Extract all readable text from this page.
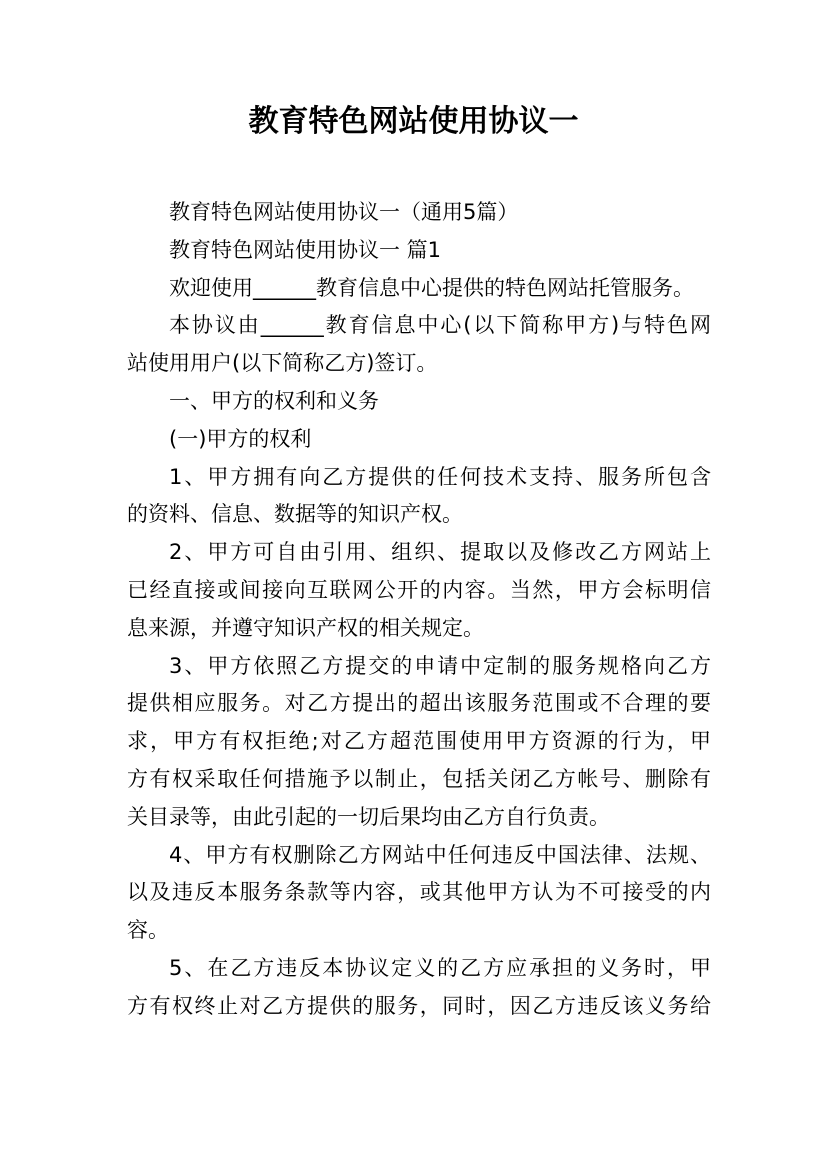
教育特色网站使用协议一
教育特色网站使用协议一（通用5篇）
教育特色网站使用协议一 篇1
欢迎使用______教育信息中心提供的特色网站托管服务。
本协议由______教育信息中心(以下简称甲方)与特色网
站使用用户(以下简称乙方)签订。
一、甲方的权利和义务
(一)甲方的权利
1、甲方拥有向乙方提供的任何技术支持、服务所包含
的资料、信息、数据等的知识产权。
2、甲方可自由引用、组织、提取以及修改乙方网站上
已经直接或间接向互联网公开的内容。当然，甲方会标明信
息来源，并遵守知识产权的相关规定。
3、甲方依照乙方提交的申请中定制的服务规格向乙方
提供相应服务。对乙方提出的超出该服务范围或不合理的要
求，甲方有权拒绝;对乙方超范围使用甲方资源的行为，甲
方有权采取任何措施予以制止，包括关闭乙方帐号、删除有
关目录等，由此引起的一切后果均由乙方自行负责。
4、甲方有权删除乙方网站中任何违反中国法律、法规、
以及违反本服务条款等内容，或其他甲方认为不可接受的内
容。
5、在乙方违反本协议定义的乙方应承担的义务时，甲
方有权终止对乙方提供的服务，同时，因乙方违反该义务给
